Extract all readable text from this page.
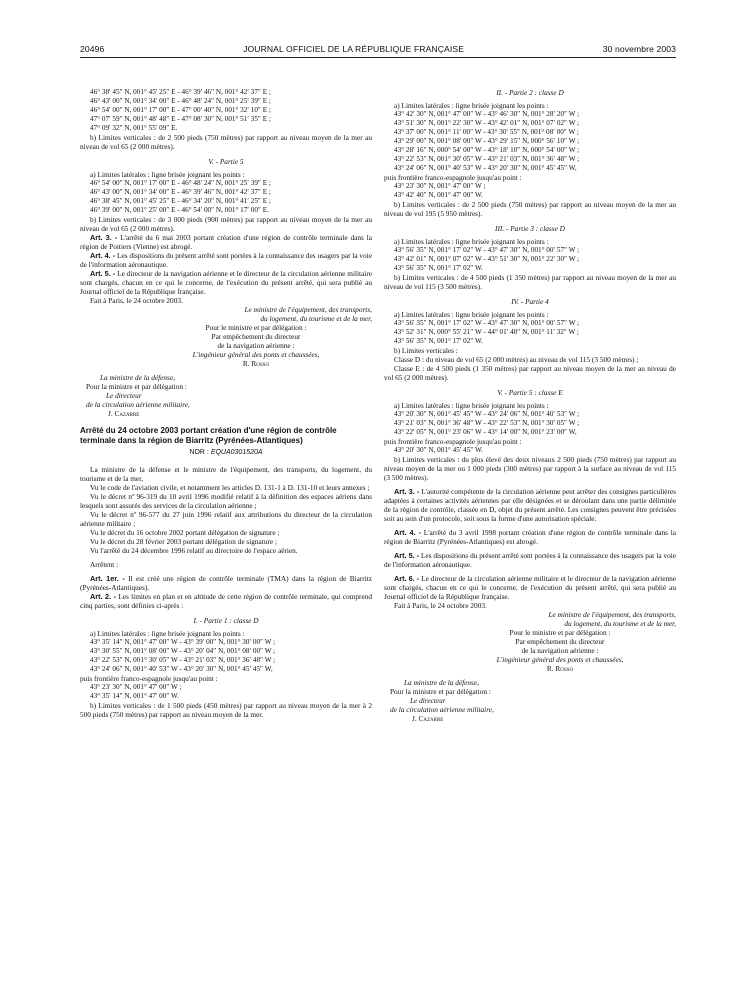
20496	JOURNAL OFFICIEL DE LA RÉPUBLIQUE FRANÇAISE	30 novembre 2003
46° 38′ 45″ N, 001° 45′ 25″ E - 46° 39′ 46″ N, 001° 42′ 37″ E ;
46° 43′ 00″ N, 001° 34′ 00″ E - 46° 48′ 24″ N, 001° 25′ 39″ E ;
46° 54′ 00″ N, 001° 17′ 00″ E - 47° 00′ 40″ N, 001° 32′ 10″ E ;
47° 07′ 59″ N, 001° 48′ 48″ E - 47° 08′ 30″ N, 001° 51′ 35″ E ;
47° 09′ 32″ N, 001° 55′ 09″ E.

b) Limites verticales : de 2 500 pieds (750 mètres) par rapport au niveau moyen de la mer au niveau de vol 65 (2 000 mètres).

V. - Partie 5

a) Limites latérales : ligne brisée joignant les points :

46° 54′ 00″ N, 001° 17′ 00″ E - 46° 48′ 24″ N, 001° 25′ 39″ E ;
46° 43′ 00″ N, 001° 34′ 00″ E - 46° 39′ 46″ N, 001° 42′ 37″ E ;
46° 38′ 45″ N, 001° 45′ 25″ E - 46° 34′ 20″ N, 001° 41′ 25″ E ;
46° 39′ 00″ N, 001° 25′ 00″ E - 46° 54′ 00″ N, 001° 17′ 00″ E.

b) Limites verticales : de 3 000 pieds (900 mètres) par rapport au niveau moyen de la mer au niveau de vol 65 (2 000 mètres).

Art. 3. - L'arrêté du 6 mai 2003 portant création d'une région de contrôle terminale dans la région de Poitiers (Vienne) est abrogé.

Art. 4. - Les dispositions du présent arrêté sont portées à la connaissance des usagers par la voie de l'information aéronautique.

Art. 5. - Le directeur de la navigation aérienne et le directeur de la circulation aérienne militaire sont chargés, chacun en ce qui le concerne, de l'exécution du présent arrêté, qui sera publié au Journal officiel de la République française.

Fait à Paris, le 24 octobre 2003.

Le ministre de l'équipement, des transports,
du logement, du tourisme et de la mer,
Pour le ministre et par délégation :
Par empêchement du directeur
de la navigation aérienne :
L'ingénieur général des ponts et chaussées,
R. Rosso
La ministre de la défense,
Pour la ministre et par délégation :
Le directeur
de la circulation aérienne militaire,
J. Cazarre
Arrêté du 24 octobre 2003 portant création d'une région de contrôle terminale dans la région de Biarritz (Pyrénées-Atlantiques)
NOR : EQUA0301520A

La ministre de la défense et le ministre de l'équipement, des transports, du logement, du tourisme et de la mer,

Vu le code de l'aviation civile, et notamment les articles D. 131-1 à D. 131-10 et leurs annexes ;

Vu le décret nº 96-319 du 10 avril 1996 modifié relatif à la définition des espaces aériens dans lesquels sont assurés des services de la circulation aérienne ;

Vu le décret nº 96-577 du 27 juin 1996 relatif aux attributions du directeur de la circulation aérienne militaire ;

Vu le décret du 16 octobre 2002 portant délégation de signature ;

Vu le décret du 28 février 2003 portant délégation de signature ;

Vu l'arrêté du 24 décembre 1996 relatif au directoire de l'espace aérien.

Arrêtent :

Art. 1er. - Il est créé une région de contrôle terminale (TMA) dans la région de Biarritz (Pyrénées-Atlantiques).

Art. 2. - Les limites en plan et en altitude de cette région de contrôle terminale, qui comprend cinq parties, sont définies ci-après :

I. - Partie 1 : classe D

a) Limites latérales : ligne brisée joignant les points :

43° 35′ 14″ N, 001° 47′ 00″ W - 43° 39′ 00″ N, 001° 30′ 00″ W ;
43° 30′ 55″ N, 001° 08′ 00″ W - 43° 20′ 04″ N, 001° 08′ 00″ W ;
43° 22′ 53″ N, 001° 30′ 05″ W - 43° 21′ 03″ N, 001° 36′ 48″ W ;
43° 24′ 06″ N, 001° 40′ 53″ W - 43° 20′ 30″ N, 001° 45′ 45″ W,

puis frontière franco-espagnole jusqu'au point :

43° 23′ 30″ N, 001° 47′ 00″ W ;
43° 35′ 14″ N, 001° 47′ 00″ W.

b) Limites verticales : de 1 500 pieds (450 mètres) par rapport au niveau moyen de la mer à 2 500 pieds (750 mètres) par rapport au niveau moyen de la mer.

II. - Partie 2 : classe D

a) Limites latérales : ligne brisée joignant les points :

43° 42′ 30″ N, 001° 47′ 00″ W - 43° 46′ 30″ N, 001° 28′ 20″ W ;
43° 51′ 30″ N, 001° 22′ 30″ W - 43° 42′ 01″ N, 001° 07′ 02″ W ;
43° 37′ 00″ N, 001° 11′ 00″ W - 43° 30′ 55″ N, 001° 08′ 00″ W ;
43° 29′ 00″ N, 001° 08′ 00″ W - 43° 29′ 15″ N, 000° 56′ 10″ W ;
43° 28′ 16″ N, 000° 54′ 00″ W - 43° 18′ 10″ N, 000° 54′ 00″ W ;
43° 22′ 53″ N, 001° 30′ 05″ W - 43° 21′ 03″ N, 001° 36′ 48″ W ;
43° 24′ 06″ N, 001° 40′ 53″ W - 43° 20′ 30″ N, 001° 45′ 45″ W,

puis frontière franco-espagnole jusqu'au point :

43° 23′ 30″ N, 001° 47′ 00″ W ;
43° 42′ 40″ N, 001° 47′ 00″ W.

b) Limites verticales : de 2 500 pieds (750 mètres) par rapport au niveau moyen de la mer au niveau de vol 195 (5 950 mètres).

III. - Partie 3 : classe D

a) Limites latérales : ligne brisée joignant les points :

43° 56′ 35″ N, 001° 17′ 02″ W - 43° 47′ 30″ N, 001° 00′ 57″ W ;
43° 42′ 01″ N, 001° 07′ 02″ W - 43° 51′ 30″ N, 001° 22′ 30″ W ;
43° 56′ 35″ N, 001° 17′ 02″ W.

b) Limites verticales : de 4 500 pieds (1 350 mètres) par rapport au niveau moyen de la mer au niveau de vol 115 (3 500 mètres).

IV. - Partie 4

a) Limites latérales : ligne brisée joignant les points :

43° 56′ 35″ N, 001° 17′ 02″ W - 43° 47′ 30″ N, 001° 00′ 57″ W ;
43° 52′ 31″ N, 000° 55′ 21″ W - 44° 01′ 40″ N, 001° 11′ 32″ W ;
43° 56′ 35″ N, 001° 17′ 02″ W.

b) Limites verticales :

Classe D : du niveau de vol 65 (2 000 mètres) au niveau de vol 115 (3 500 mètres) ;

Classe E : de 4 500 pieds (1 350 mètres) par rapport au niveau moyen de la mer au niveau de vol 65 (2 000 mètres).

V. - Partie 5 : classe E

a) Limites latérales : ligne brisée joignant les points :

43° 20′ 30″ N, 001° 45′ 45″ W - 43° 24′ 06″ N, 001° 40′ 53″ W ;
43° 21′ 03″ N, 001° 36′ 48″ W - 43° 22′ 53″ N, 001° 30′ 05″ W ;
43° 22′ 05″ N, 001° 23′ 06″ W - 43° 14′ 00″ N, 001° 23′ 00″ W,

puis frontière franco-espagnole jusqu'au point :

43° 20′ 30″ N, 001° 45′ 45″ W.

b) Limites verticales : du plus élevé des deux niveaux 2 500 pieds (750 mètres) par rapport au niveau moyen de la mer ou 1 000 pieds (300 mètres) par rapport à la surface au niveau de vol 115 (3 500 mètres).

Art. 3. - L'autorité compétente de la circulation aérienne peut arrêter des consignes particulières adaptées à certaines activités aériennes par elle désignées et se déroulant dans une partie délimitée de la région de contrôle, classée en D, objet du présent arrêté. Les consignes peuvent être précisées soit au sein d'un protocole, soit sous la forme d'une autorisation spéciale.

Art. 4. - L'arrêté du 3 avril 1998 portant création d'une région de contrôle terminale dans la région de Biarritz (Pyrénées-Atlantiques) est abrogé.

Art. 5. - Les dispositions du présent arrêté sont portées à la connaissance des usagers par la voie de l'information aéronautique.

Art. 6. - Le directeur de la circulation aérienne militaire et le directeur de la navigation aérienne sont chargés, chacun en ce qui le concerne, de l'exécution du présent arrêté, qui sera publié au Journal officiel de la République française.

Fait à Paris, le 24 octobre 2003.

Le ministre de l'équipement, des transports,
du logement, du tourisme et de la mer,
Pour le ministre et par délégation :
Par empêchement du directeur
de la navigation aérienne :
L'ingénieur général des ponts et chaussées,
R. Rosso
La ministre de la défense,
Pour la ministre et par délégation :
Le directeur
de la circulation aérienne militaire,
J. Cazarre
